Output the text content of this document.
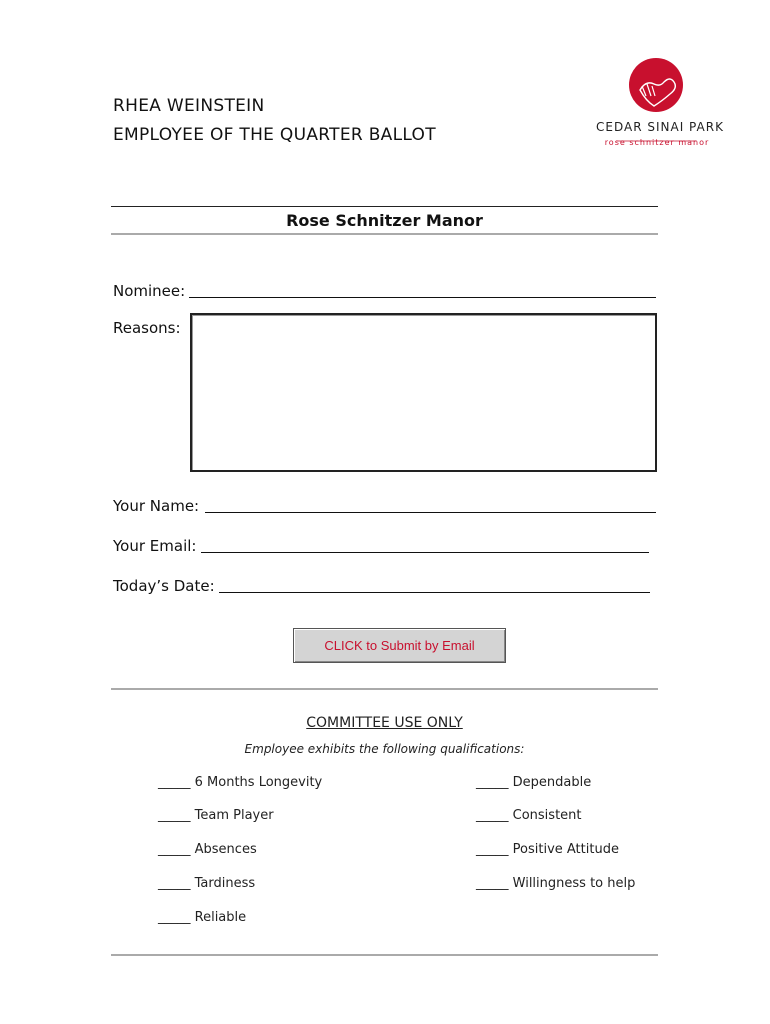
RHEA WEINSTEIN
EMPLOYEE OF THE QUARTER BALLOT	CEDAR SINAI PARK
rose schnitzer manor
Rose Schnitzer Manor
Nominee:
Reasons:
Your Name:
Your Email:
Today’s Date:
CLICK to Submit by Email
COMMITTEE USE ONLY
Employee exhibits the following qualifications:
_____ 6 Months Longevity
_____ Team Player
_____ Absences
_____ Tardiness
_____ Reliable
_____ Dependable
_____ Consistent
_____ Positive Attitude
_____ Willingness to help
